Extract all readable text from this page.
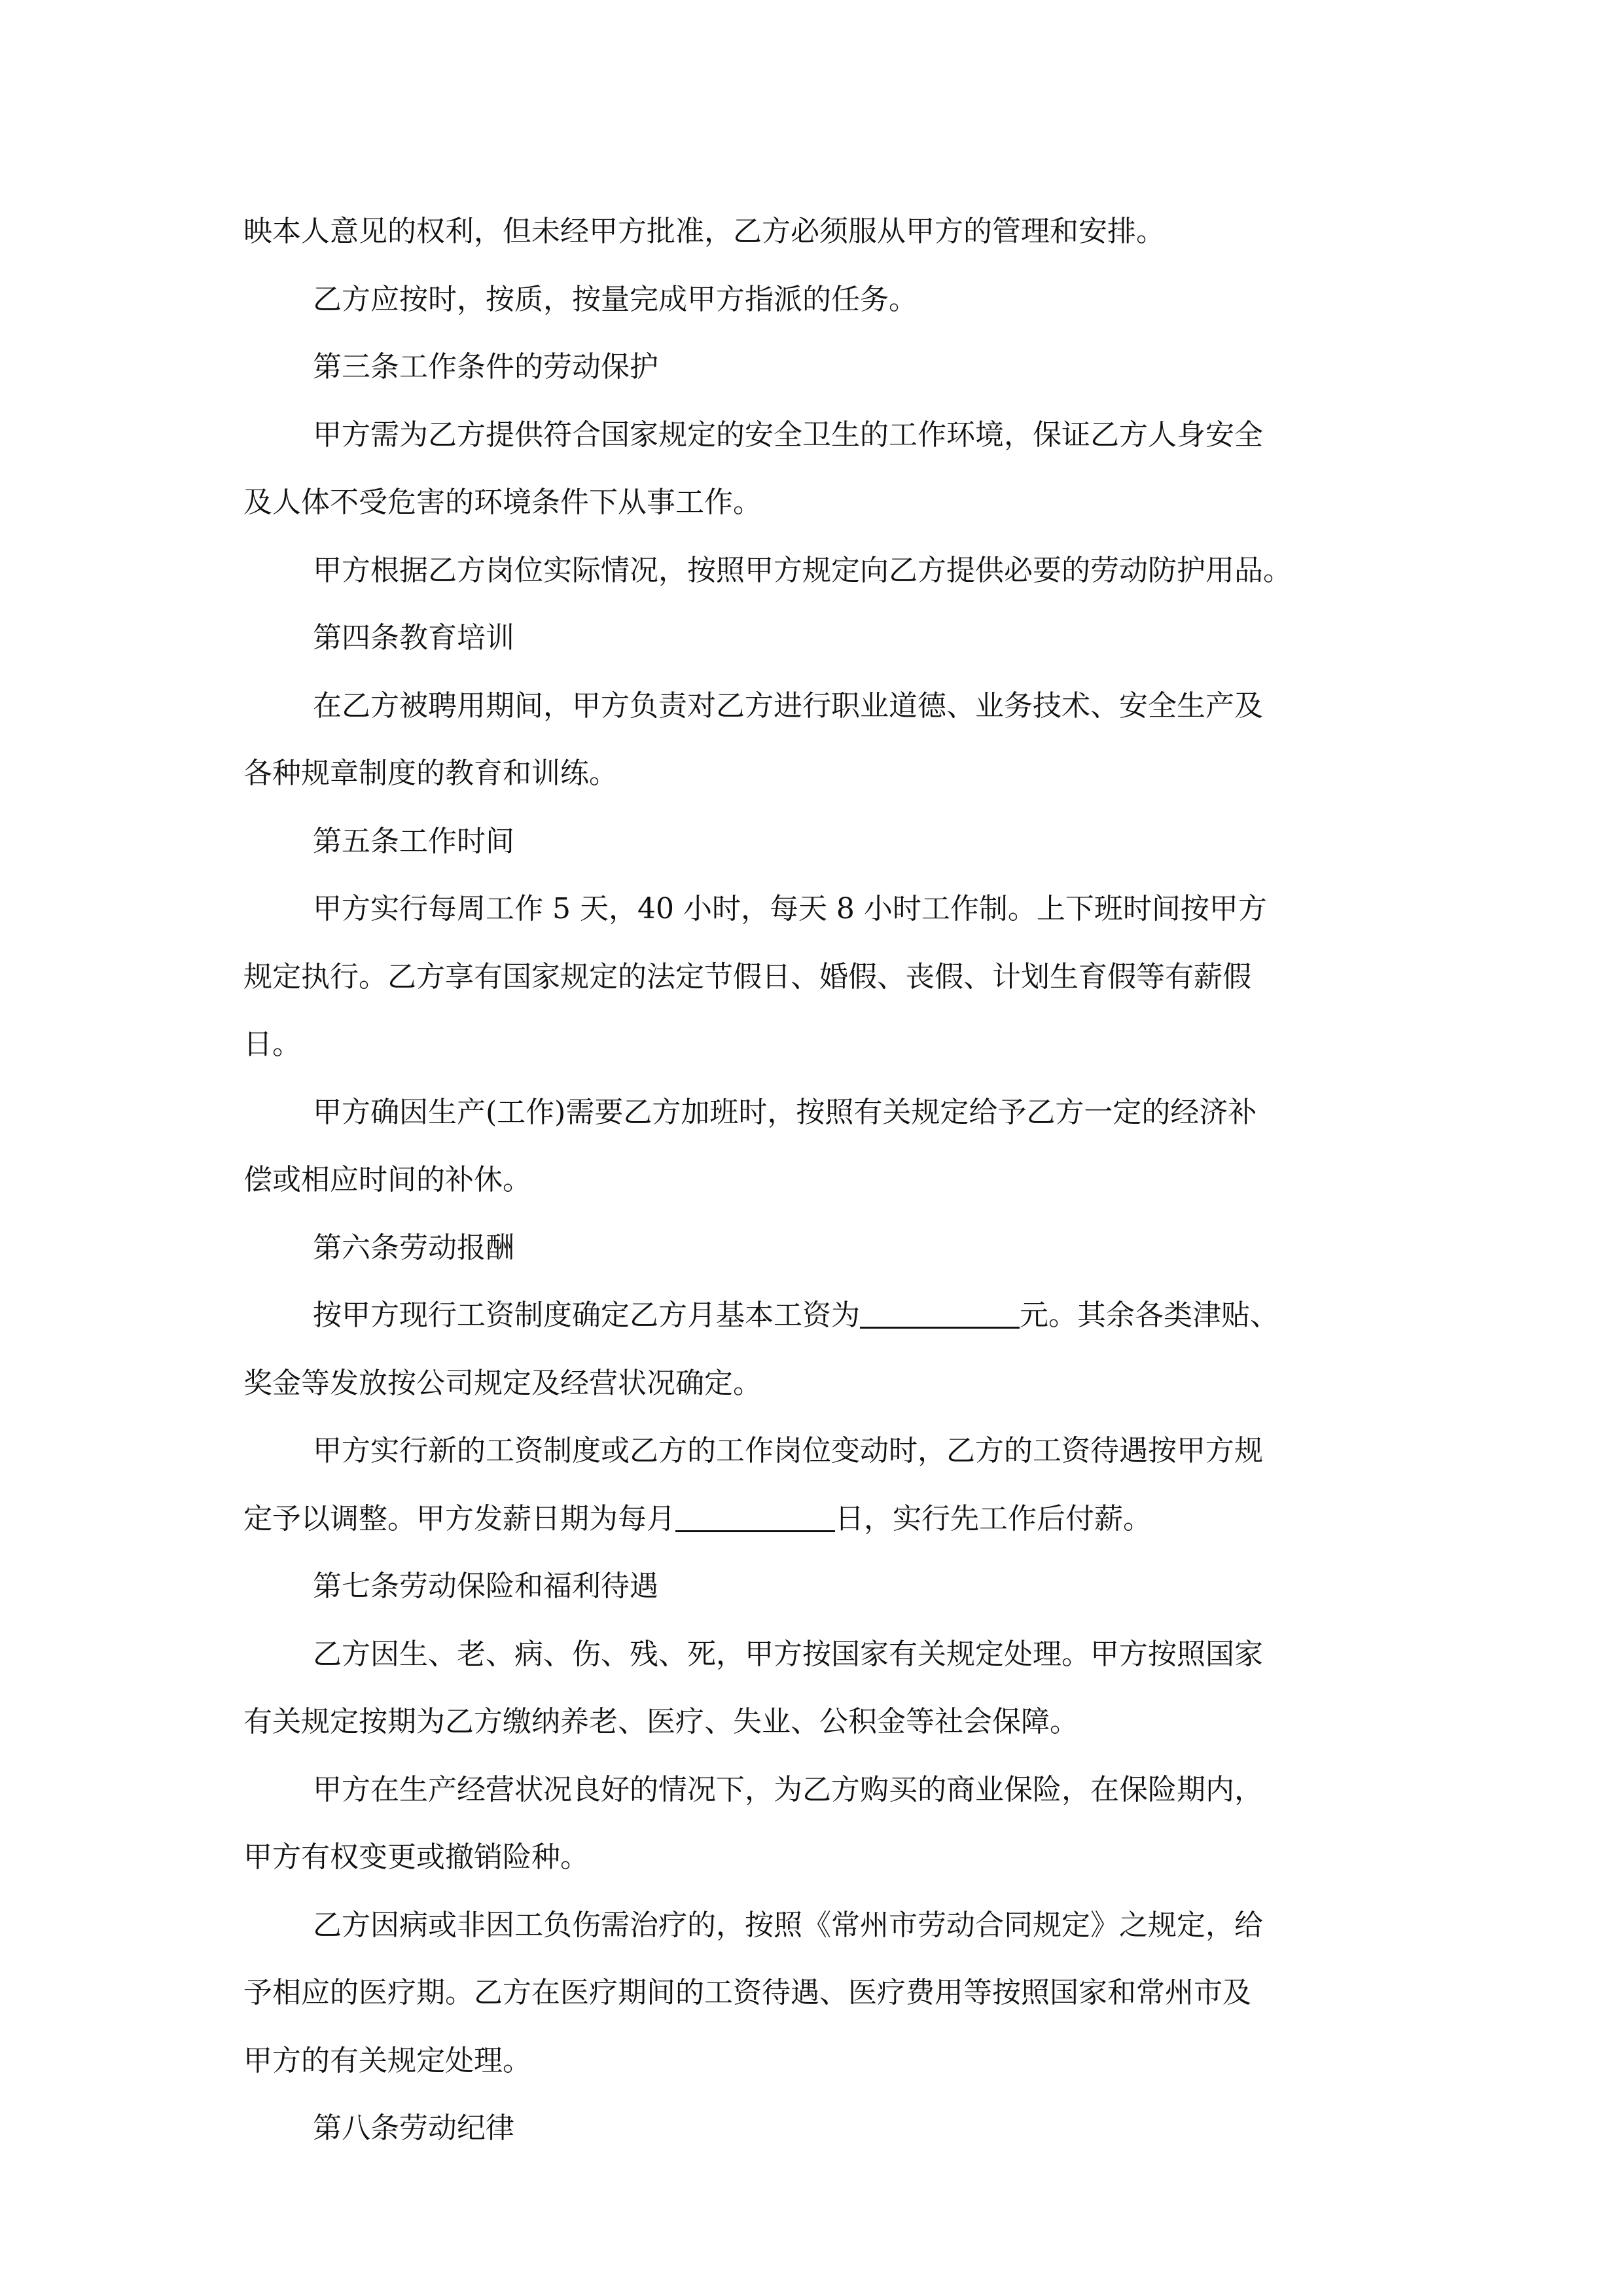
映本人意见的权利，但未经甲方批准，乙方必须服从甲方的管理和安排。
乙方应按时，按质，按量完成甲方指派的任务。
第三条工作条件的劳动保护
甲方需为乙方提供符合国家规定的安全卫生的工作环境，保证乙方人身安全
及人体不受危害的环境条件下从事工作。
甲方根据乙方岗位实际情况，按照甲方规定向乙方提供必要的劳动防护用品。
第四条教育培训
在乙方被聘用期间，甲方负责对乙方进行职业道德、业务技术、安全生产及
各种规章制度的教育和训练。
第五条工作时间
甲方实行每周工作 5 天，40 小时，每天 8 小时工作制。上下班时间按甲方
规定执行。乙方享有国家规定的法定节假日、婚假、丧假、计划生育假等有薪假
日。
甲方确因生产(工作)需要乙方加班时，按照有关规定给予乙方一定的经济补
偿或相应时间的补休。
第六条劳动报酬
按甲方现行工资制度确定乙方月基本工资为	元。其余各类津贴、
奖金等发放按公司规定及经营状况确定。
甲方实行新的工资制度或乙方的工作岗位变动时，乙方的工资待遇按甲方规
定予以调整。甲方发薪日期为每月	日，实行先工作后付薪。
第七条劳动保险和福利待遇
乙方因生、老、病、伤、残、死，甲方按国家有关规定处理。甲方按照国家
有关规定按期为乙方缴纳养老、医疗、失业、公积金等社会保障。
甲方在生产经营状况良好的情况下，为乙方购买的商业保险，在保险期内，
甲方有权变更或撤销险种。
乙方因病或非因工负伤需治疗的，按照《常州市劳动合同规定》之规定，给
予相应的医疗期。乙方在医疗期间的工资待遇、医疗费用等按照国家和常州市及
甲方的有关规定处理。
第八条劳动纪律
